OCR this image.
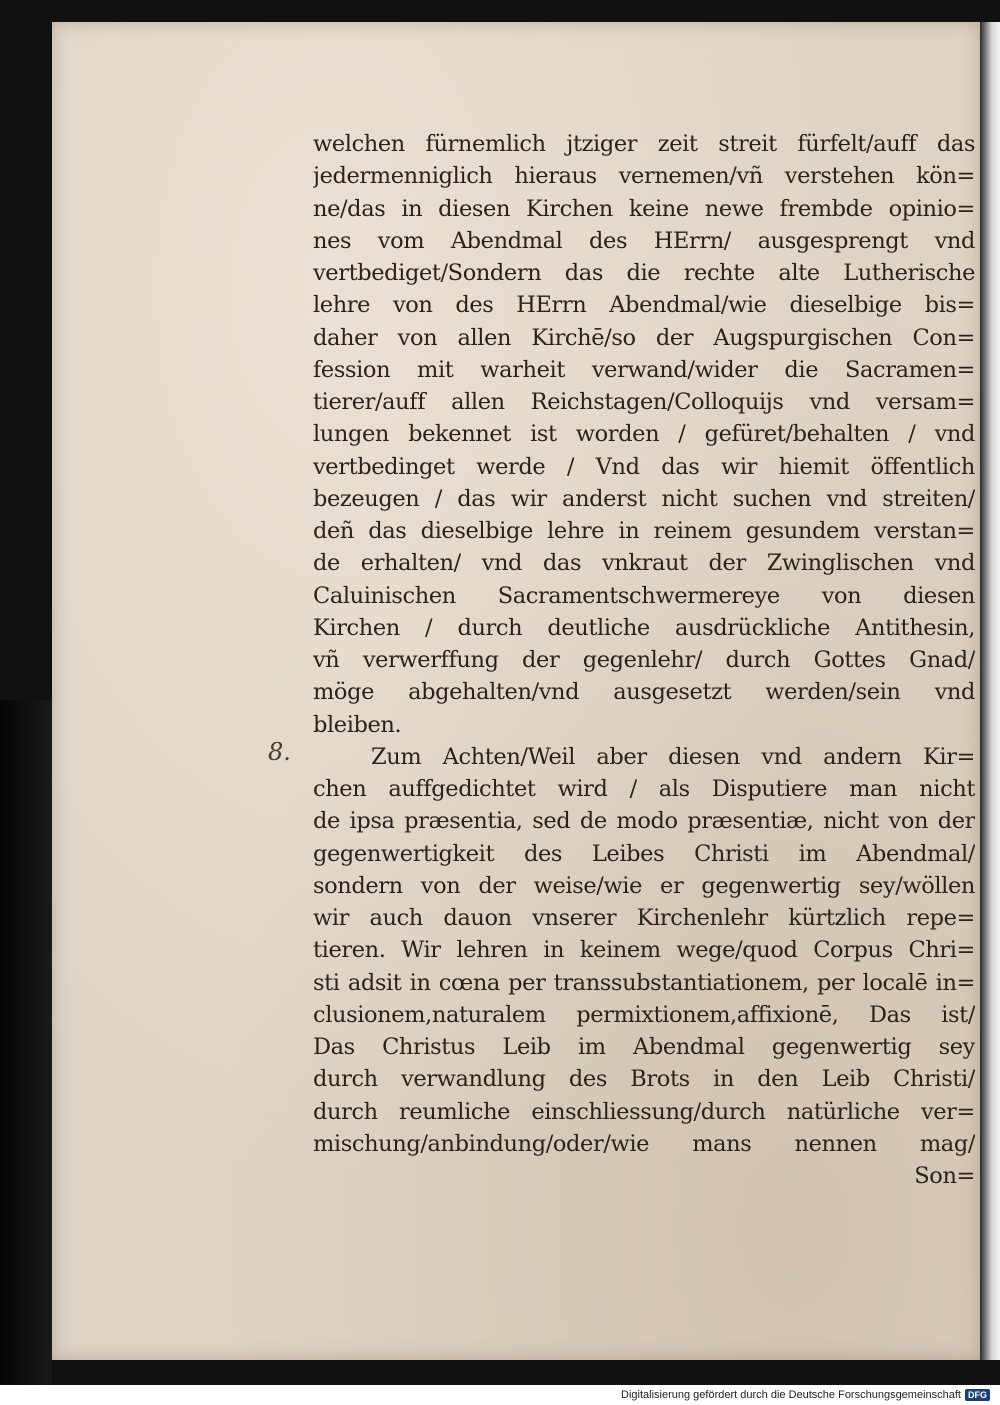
8.
welchen fürnemlich jtziger zeit streit fürfelt/auff das
jedermenniglich hieraus vernemen/vñ verstehen kön=
ne/das in diesen Kirchen keine newe frembde opinio=
nes vom Abendmal des HErrn/ ausgesprengt vnd
vertbediget/Sondern das die rechte alte Lutherische
lehre von des HErrn Abendmal/wie dieselbige bis=
daher von allen Kirchē/so der Augspurgischen Con=
fession mit warheit verwand/wider die Sacramen=
tierer/auff allen Reichstagen/Colloquijs vnd versam=
lungen bekennet ist worden / gefüret/behalten / vnd
vertbedinget werde / Vnd das wir hiemit öffentlich
bezeugen / das wir anderst nicht suchen vnd streiten/
deñ das dieselbige lehre in reinem gesundem verstan=
de erhalten/ vnd das vnkraut der Zwinglischen vnd
Caluinischen Sacramentschwermereye von diesen
Kirchen / durch deutliche ausdrückliche Antithesin,
vñ verwerffung der gegenlehr/ durch Gottes Gnad/
möge abgehalten/vnd ausgesetzt werden/sein vnd
bleiben.
Zum Achten/Weil aber diesen vnd andern Kir=
chen auffgedichtet wird / als Disputiere man nicht
de ipsa præsentia, sed de modo præsentiæ, nicht von der
gegenwertigkeit des Leibes Christi im Abendmal/
sondern von der weise/wie er gegenwertig sey/wöllen
wir auch dauon vnserer Kirchenlehr kürtzlich repe=
tieren. Wir lehren in keinem wege/quod Corpus Chri=
sti adsit in cœna per transsubstantiationem, per localē in=
clusionem,naturalem permixtionem,affixionē, Das ist/
Das Christus Leib im Abendmal gegenwertig sey
durch verwandlung des Brots in den Leib Christi/
durch reumliche einschliessung/durch natürliche ver=
mischung/anbindung/oder/wie mans nennen mag/
Son=
Digitalisierung gefördert durch die Deutsche Forschungsgemeinschaft DFG
